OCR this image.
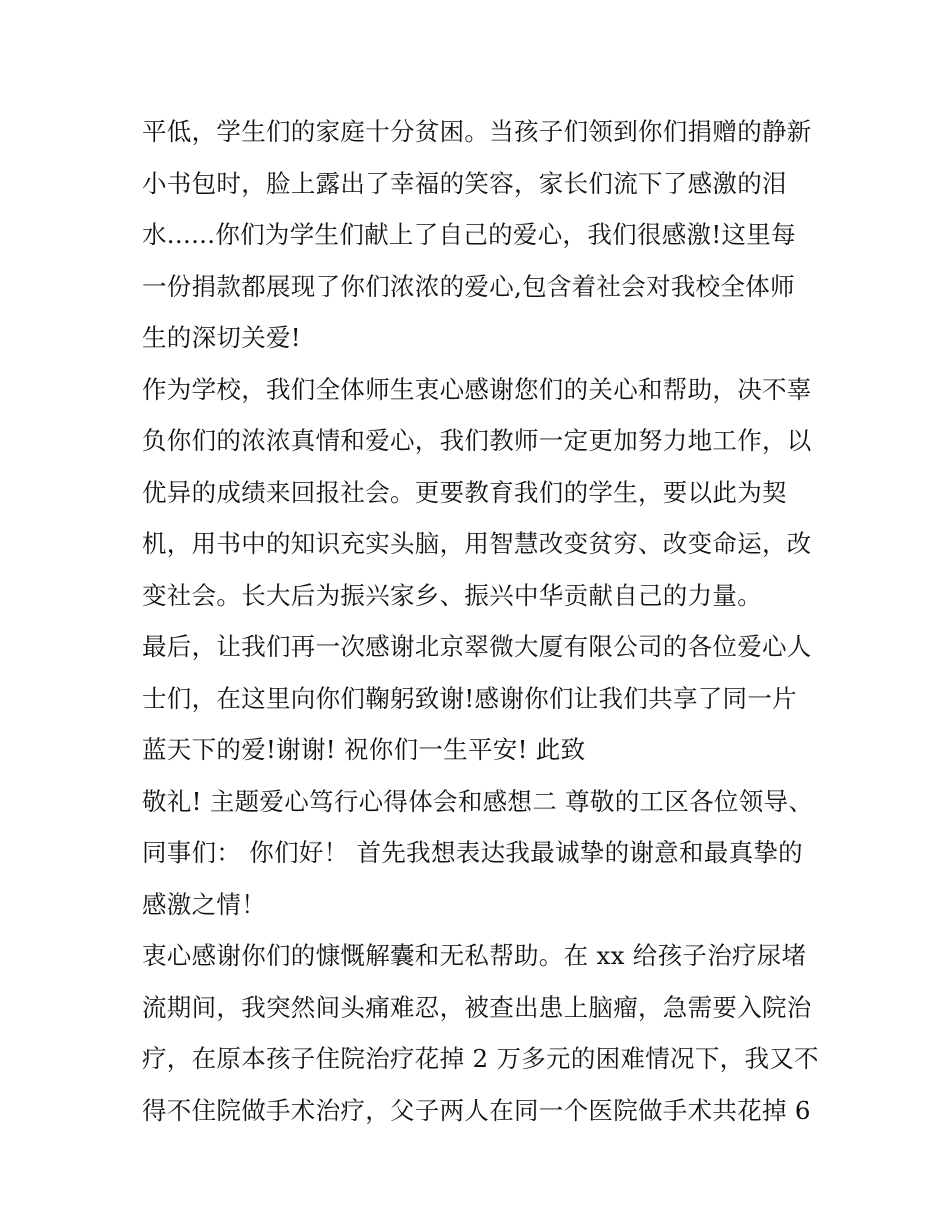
平低，学生们的家庭十分贫困。当孩子们领到你们捐赠的静新
小书包时，脸上露出了幸福的笑容，家长们流下了感激的泪
水......你们为学生们献上了自己的爱心，我们很感激!这里每
一份捐款都展现了你们浓浓的爱心,包含着社会对我校全体师
生的深切关爱!
作为学校，我们全体师生衷心感谢您们的关心和帮助，决不辜
负你们的浓浓真情和爱心，我们教师一定更加努力地工作，以
优异的成绩来回报社会。更要教育我们的学生，要以此为契
机，用书中的知识充实头脑，用智慧改变贫穷、改变命运，改
变社会。长大后为振兴家乡、振兴中华贡献自己的力量。
最后，让我们再一次感谢北京翠微大厦有限公司的各位爱心人
士们，在这里向你们鞠躬致谢!感谢你们让我们共享了同一片
蓝天下的爱!谢谢! 祝你们一生平安! 此致
敬礼! 主题爱心笃行心得体会和感想二 尊敬的工区各位领导、
同事们： 你们好！ 首先我想表达我最诚挚的谢意和最真挚的
感激之情！
衷心感谢你们的慷慨解囊和无私帮助。在 xx 给孩子治疗尿堵
流期间，我突然间头痛难忍，被查出患上脑瘤，急需要入院治
疗，在原本孩子住院治疗花掉 2 万多元的困难情况下，我又不
得不住院做手术治疗，父子两人在同一个医院做手术共花掉 6
